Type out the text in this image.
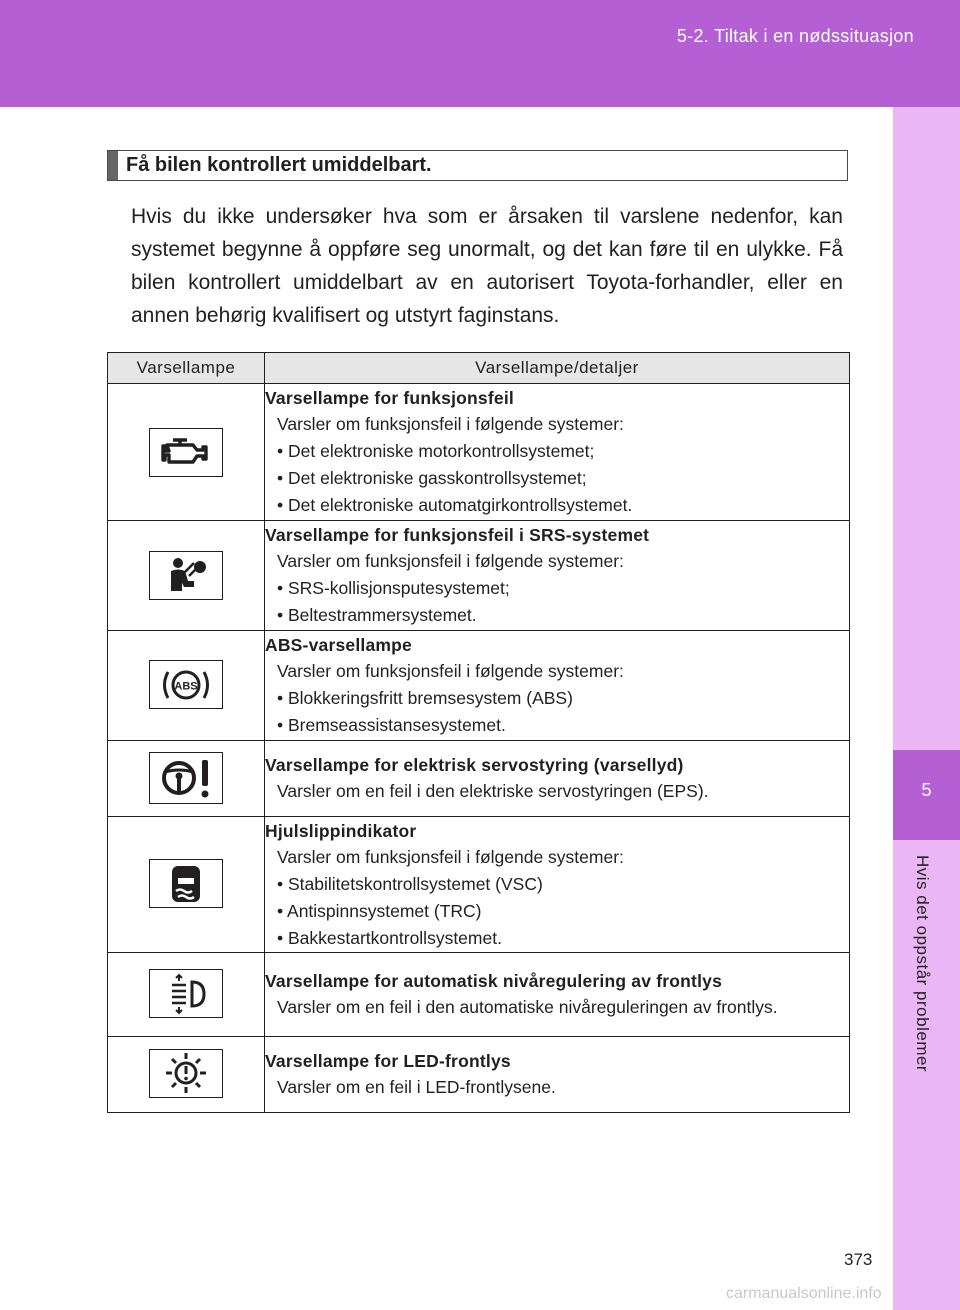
5-2. Tiltak i en nødssituasjon
5
Hvis det oppstår problemer
Få bilen kontrollert umiddelbart.
Hvis du ikke undersøker hva som er årsaken til varslene nedenfor, kan systemet begynne å oppføre seg unormalt, og det kan føre til en ulykke. Få bilen kontrollert umiddelbart av en autorisert Toyota-forhandler, eller en annen behørig kvalifisert og utstyrt faginstans.
Varsellampe	Varsellampe/detaljer

Varsellampe for funksjonsfeil
Varsler om funksjonsfeil i følgende systemer:
• Det elektroniske motorkontrollsystemet;
• Det elektroniske gasskontrollsystemet;
• Det elektroniske automatgirkontrollsystemet.

Varsellampe for funksjonsfeil i SRS-systemet
Varsler om funksjonsfeil i følgende systemer:
• SRS-kollisjonsputesystemet;
• Beltestrammersystemet.

ABS	ABS-varsellampe
Varsler om funksjonsfeil i følgende systemer:
• Blokkeringsfritt bremsesystem (ABS)
• Bremseassistansesystemet.

Varsellampe for elektrisk servostyring (varsellyd)
Varsler om en feil i den elektriske servostyringen (EPS).

Hjulslippindikator
Varsler om funksjonsfeil i følgende systemer:
• Stabilitetskontrollsystemet (VSC)
• Antispinnsystemet (TRC)
• Bakkestartkontrollsystemet.

Varsellampe for automatisk nivåregulering av frontlys
Varsler om en feil i den automatiske nivåreguleringen av frontlys.

Varsellampe for LED-frontlys
Varsler om en feil i LED-frontlysene.
373
carmanualsonline.info
